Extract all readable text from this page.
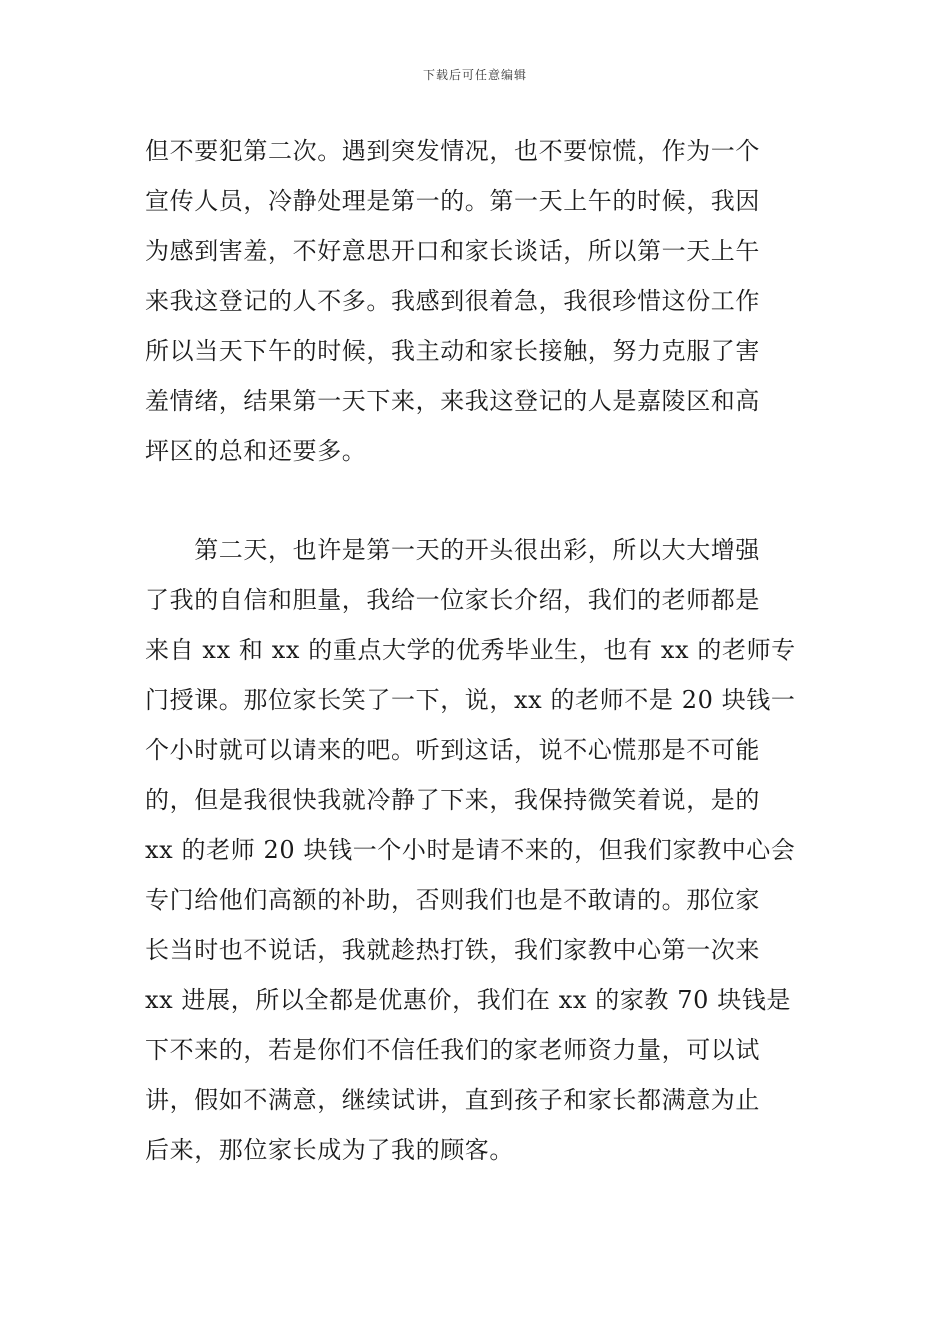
下载后可任意编辑
但不要犯第二次。遇到突发情况，也不要惊慌，作为一个
宣传人员，冷静处理是第一的。第一天上午的时候，我因
为感到害羞，不好意思开口和家长谈话，所以第一天上午
来我这登记的人不多。我感到很着急，我很珍惜这份工作
所以当天下午的时候，我主动和家长接触，努力克服了害
羞情绪，结果第一天下来，来我这登记的人是嘉陵区和高
坪区的总和还要多。
　　第二天，也许是第一天的开头很出彩，所以大大增强
了我的自信和胆量，我给一位家长介绍，我们的老师都是
来自 xx 和 xx 的重点大学的优秀毕业生，也有 xx 的老师专
门授课。那位家长笑了一下，说，xx 的老师不是 20 块钱一
个小时就可以请来的吧。听到这话，说不心慌那是不可能
的，但是我很快我就冷静了下来，我保持微笑着说，是的
xx 的老师 20 块钱一个小时是请不来的，但我们家教中心会
专门给他们高额的补助，否则我们也是不敢请的。那位家
长当时也不说话，我就趁热打铁，我们家教中心第一次来
xx 进展，所以全都是优惠价，我们在 xx 的家教 70 块钱是
下不来的，若是你们不信任我们的家老师资力量，可以试
讲，假如不满意，继续试讲，直到孩子和家长都满意为止
后来，那位家长成为了我的顾客。
